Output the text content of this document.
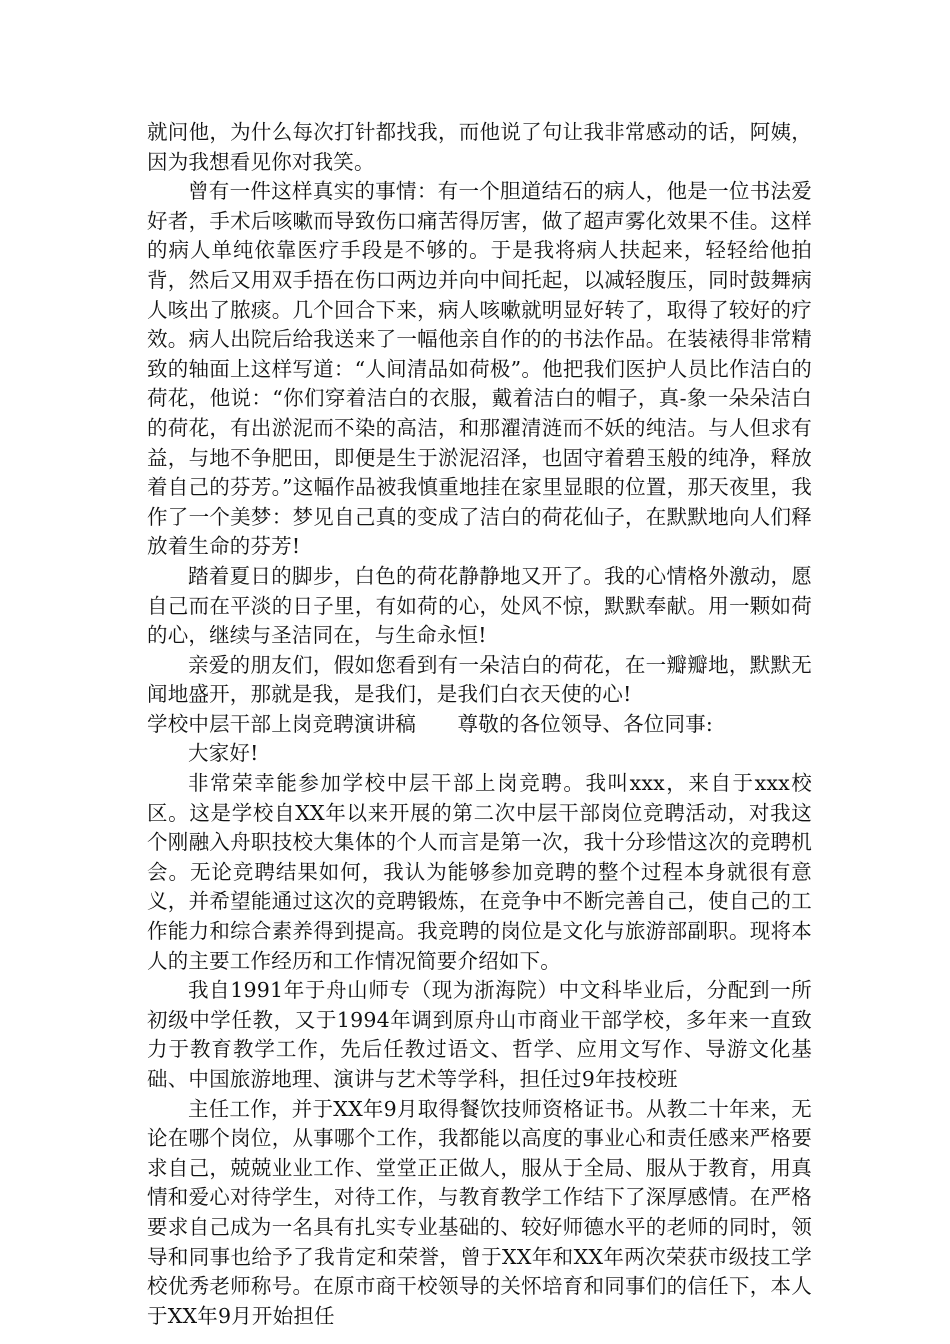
就问他，为什么每次打针都找我，而他说了句让我非常感动的话，阿姨，因为我想看见你对我笑。

曾有一件这样真实的事情：有一个胆道结石的病人，他是一位书法爱好者，手术后咳嗽而导致伤口痛苦得厉害，做了超声雾化效果不佳。这样的病人单纯依靠医疗手段是不够的。于是我将病人扶起来，轻轻给他拍背，然后又用双手捂在伤口两边并向中间托起，以减轻腹压，同时鼓舞病人咳出了脓痰。几个回合下来，病人咳嗽就明显好转了，取得了较好的疗效。病人出院后给我送来了一幅他亲自作的的书法作品。在装裱得非常精致的轴面上这样写道：“人间清品如荷极”。他把我们医护人员比作洁白的荷花，他说：“你们穿着洁白的衣服，戴着洁白的帽子，真-象一朵朵洁白的荷花，有出淤泥而不染的高洁，和那濯清涟而不妖的纯洁。与人但求有益，与地不争肥田，即便是生于淤泥沼泽，也固守着碧玉般的纯净，释放着自己的芬芳。”这幅作品被我慎重地挂在家里显眼的位置，那天夜里，我作了一个美梦：梦见自己真的变成了洁白的荷花仙子，在默默地向人们释放着生命的芬芳!

踏着夏日的脚步，白色的荷花静静地又开了。我的心情格外激动，愿自己而在平淡的日子里，有如荷的心，处风不惊，默默奉献。用一颗如荷的心，继续与圣洁同在，与生命永恒!

亲爱的朋友们，假如您看到有一朵洁白的荷花，在一瓣瓣地，默默无闻地盛开，那就是我，是我们，是我们白衣天使的心!

学校中层干部上岗竞聘演讲稿　　尊敬的各位领导、各位同事:

大家好!

非常荣幸能参加学校中层干部上岗竞聘。我叫xxx，来自于xxx校区。这是学校自XX年以来开展的第二次中层干部岗位竞聘活动，对我这个刚融入舟职技校大集体的个人而言是第一次，我十分珍惜这次的竞聘机会。无论竞聘结果如何，我认为能够参加竞聘的整个过程本身就很有意义，并希望能通过这次的竞聘锻炼，在竞争中不断完善自己，使自己的工作能力和综合素养得到提高。我竞聘的岗位是文化与旅游部副职。现将本人的主要工作经历和工作情况简要介绍如下。

我自1991年于舟山师专（现为浙海院）中文科毕业后，分配到一所初级中学任教，又于1994年调到原舟山市商业干部学校，多年来一直致力于教育教学工作，先后任教过语文、哲学、应用文写作、导游文化基础、中国旅游地理、演讲与艺术等学科，担任过9年技校班

主任工作，并于XX年9月取得餐饮技师资格证书。从教二十年来，无论在哪个岗位，从事哪个工作，我都能以高度的事业心和责任感来严格要求自己，兢兢业业工作、堂堂正正做人，服从于全局、服从于教育，用真情和爱心对待学生，对待工作，与教育教学工作结下了深厚感情。在严格要求自己成为一名具有扎实专业基础的、较好师德水平的老师的同时，领导和同事也给予了我肯定和荣誉，曾于XX年和XX年两次荣获市级技工学校优秀老师称号。在原市商干校领导的关怀培育和同事们的信任下，本人于XX年9月开始担任
